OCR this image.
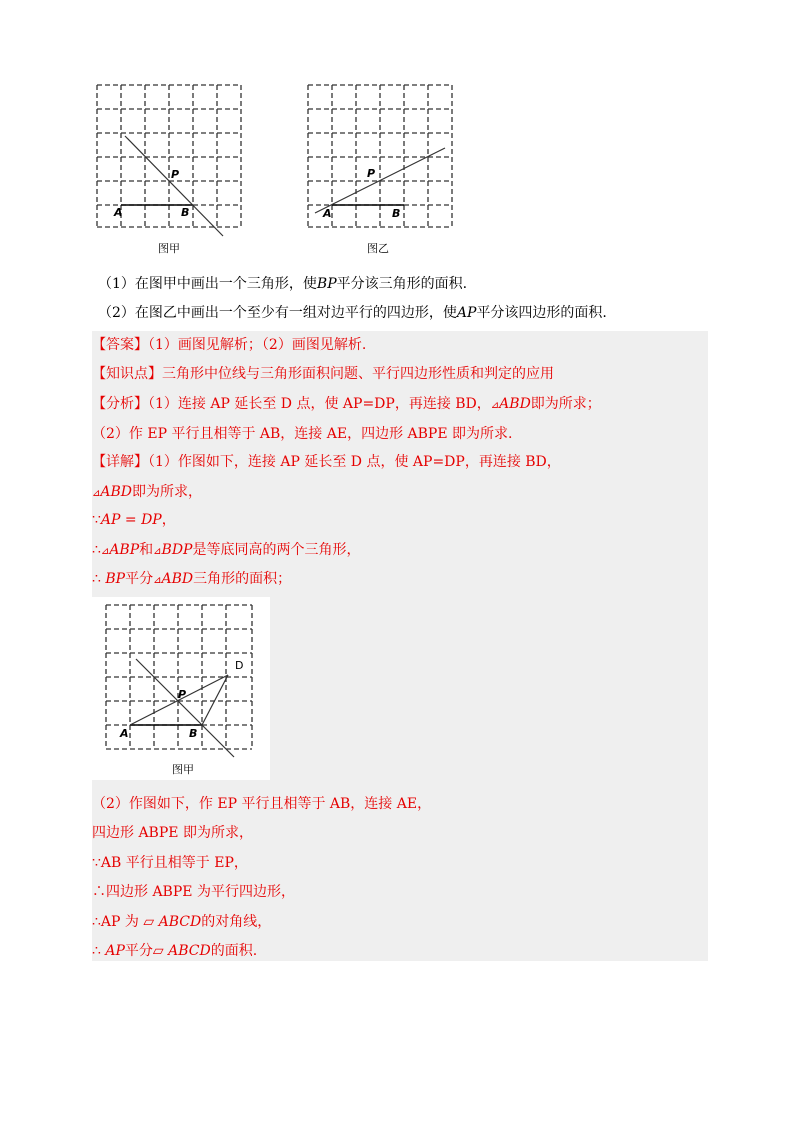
A	B
P
图甲
A	B
P
图乙
（1）在图甲中画出一个三角形，使BP平分该三角形的面积.
（2）在图乙中画出一个至少有一组对边平行的四边形，使AP平分该四边形的面积.
【答案】（1）画图见解析；（2）画图见解析.
【知识点】三角形中位线与三角形面积问题、平行四边形性质和判定的应用
【分析】（1）连接 AP 延长至 D 点，使 AP=DP，再连接 BD，⊿ABD即为所求；
（2）作 EP 平行且相等于 AB，连接 AE，四边形 ABPE 即为所求.
【详解】（1）作图如下，连接 AP 延长至 D 点，使 AP=DP，再连接 BD，
⊿ABD即为所求，
∵AP = DP，
∴⊿ABP和⊿BDP是等底同高的两个三角形，
∴ BP平分⊿ABD三角形的面积；
A	B
P
D
图甲
（2）作图如下，作 EP 平行且相等于 AB，连接 AE，
四边形 ABPE 即为所求，
∵AB 平行且相等于 EP，
∴四边形 ABPE 为平行四边形，
∴AP 为 ▱ ABCD的对角线，
∴ AP平分▱ ABCD的面积.
